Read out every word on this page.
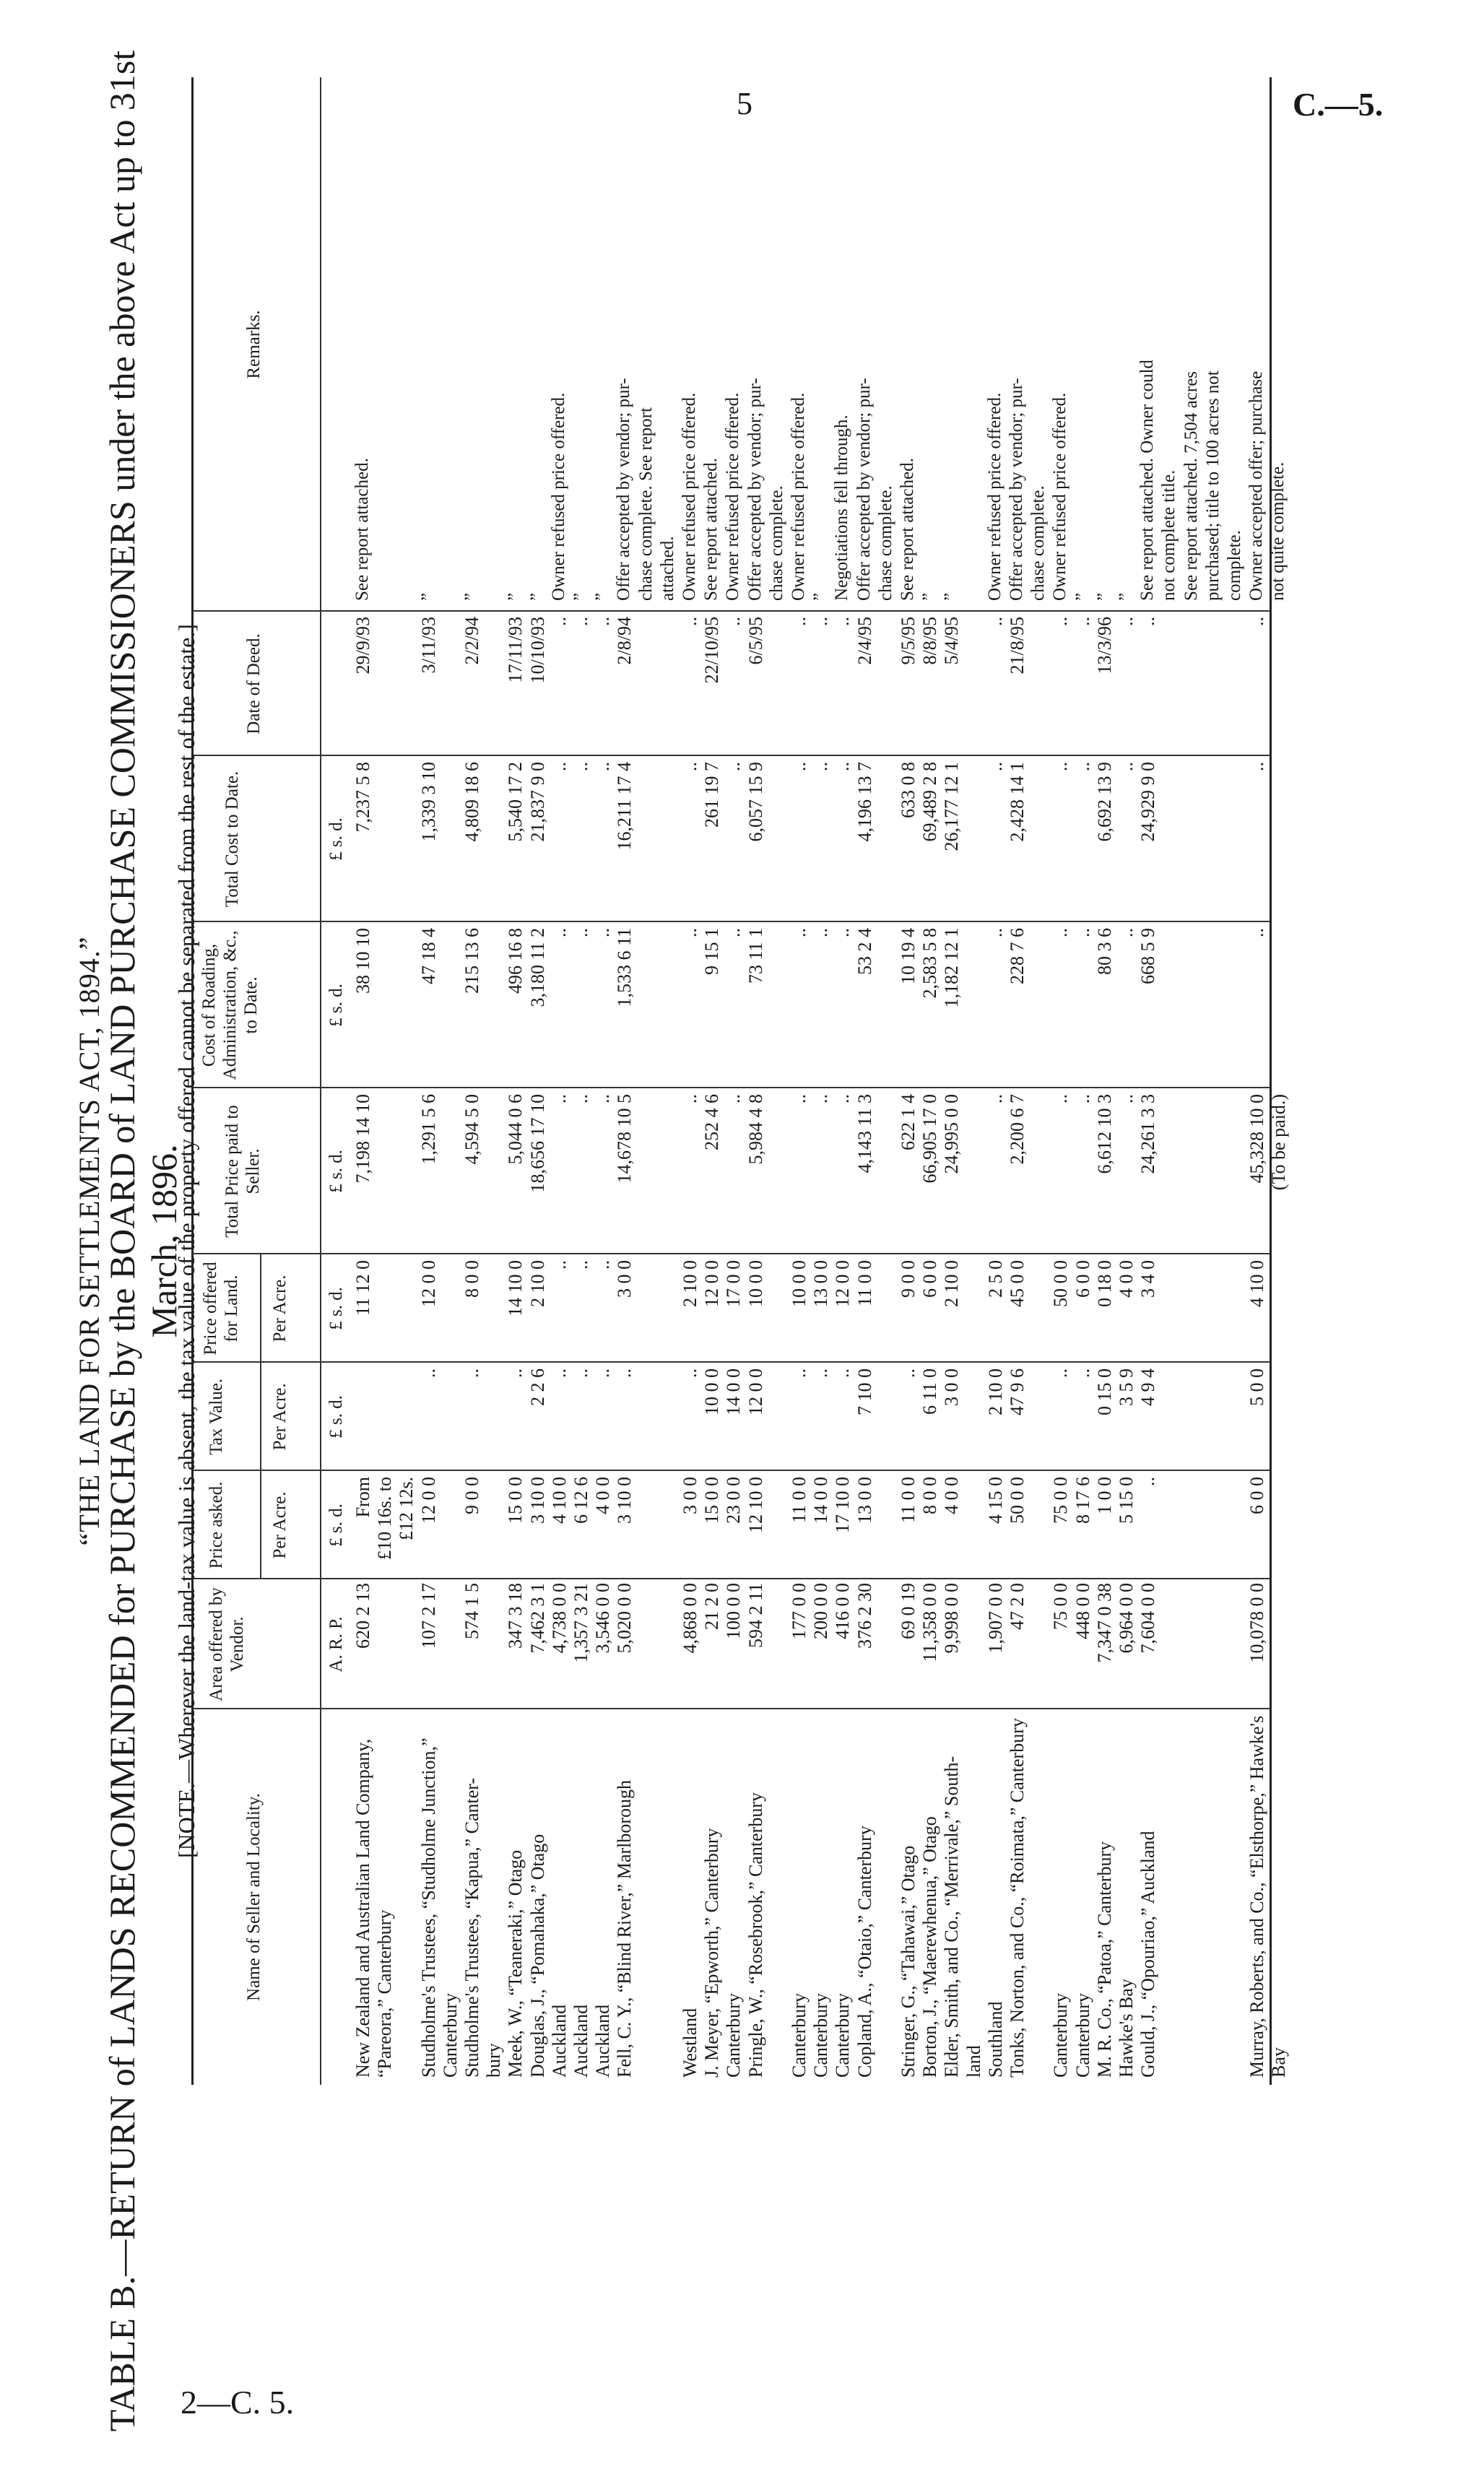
5	C.—5.
2—C. 5.
“THE LAND FOR SETTLEMENTS ACT, 1894.”
TABLE B.—RETURN of LANDS RECOMMENDED for PURCHASE by the BOARD of LAND PURCHASE COMMISSIONERS under the above Act up to 31st March, 1896.
[NOTE.—Wherever the land-tax value is absent, the tax value of the property offered cannot be separated from the rest of the estate.]
Name of Seller and Locality.
Area offered by Vendor.
Price asked.
Tax Value.
Price offered for Land.
Per Acre.
Per Acre.
Per Acre.
Total Price paid to Seller.
Cost of Roading, Administration, &c., to Date.
Total Cost to Date.
Date of Deed.
Remarks.
A. R. P.
£ s. d.
£ s. d.
£ s. d.
£ s. d.
£ s. d.
£ s. d.
New Zealand and Australian Land Company,
620 2 13
From
11 12 0
7,198 14 10
38 10 10
7,237 5 8
29/9/93
See report attached.
“Pareora,” Canterbury
£10 16s. to £12 12s.
Studholme's Trustees, “Studholme Junction,”
107 2 17
12 0 0
..
12 0 0
1,291 5 6
47 18 4
1,339 3 10
3/11/93
”
Canterbury Studholme's Trustees, “Kapua,” Canter-
574 1 5
9 0 0
..
8 0 0
4,594 5 0
215 13 6
4,809 18 6
2/2/94
”
bury Meek, W., “Teaneraki,” Otago
347 3 18
15 0 0
..
14 10 0
5,044 0 6
496 16 8
5,540 17 2
17/11/93
”
Douglas, J., “Pomahaka,” Otago
7,462 3 1
3 10 0
2 2 6
2 10 0
18,656 17 10
3,180 11 2
21,837 9 0
10/10/93
”
Auckland
4,738 0 0
4 10 0
..
..
..
..
..
..
Owner refused price offered.
Auckland
1,357 3 21
6 12 6
..
..
..
..
..
..
”
Auckland
3,546 0 0
4 0 0
..
..
..
..
..
..
”
Fell, C. Y., “Blind River,” Marlborough
5,020 0 0
3 10 0
..
3 0 0
14,678 10 5
1,533 6 11
16,211 17 4
2/8/94
Offer accepted by vendor; pur- chase complete. See report attached.
Westland
4,868 0 0
3 0 0
..
2 10 0
..
..
..
..
Owner refused price offered.
J. Meyer, “Epworth,” Canterbury
21 2 0
15 0 0
10 0 0
12 0 0
252 4 6
9 15 1
261 19 7
22/10/95
See report attached.
Canterbury
100 0 0
23 0 0
14 0 0
17 0 0
..
..
..
..
Owner refused price offered.
Pringle, W., “Rosebrook,” Canterbury
594 2 11
12 10 0
12 0 0
10 0 0
5,984 4 8
73 11 1
6,057 15 9
6/5/95
Offer accepted by vendor; pur- chase complete.
Canterbury
177 0 0
11 0 0
..
10 0 0
..
..
..
..
Owner refused price offered.
Canterbury
200 0 0
14 0 0
..
13 0 0
..
..
..
..
”
Canterbury
416 0 0
17 10 0
..
12 0 0
..
..
..
..
Negotiations fell through.
Copland, A., “Otaio,” Canterbury
376 2 30
13 0 0
7 10 0
11 0 0
4,143 11 3
53 2 4
4,196 13 7
2/4/95
Offer accepted by vendor; pur- chase complete.
Stringer, G., “Tahawai,” Otago
69 0 19
11 0 0
..
9 0 0
622 1 4
10 19 4
633 0 8
9/5/95
See report attached.
Borton, J., “Maerewhenua,” Otago
11,358 0 0
8 0 0
6 11 0
6 0 0
66,905 17 0
2,583 5 8
69,489 2 8
8/8/95
”
Elder, Smith, and Co., “Merrivale,” South-
9,998 0 0
4 0 0
3 0 0
2 10 0
24,995 0 0
1,182 12 1
26,177 12 1
5/4/95
”
land Southland
1,907 0 0
4 15 0
2 10 0
2 5 0
..
..
..
..
Owner refused price offered.
Tonks, Norton, and Co., “Roimata,” Canterbury
47 2 0
50 0 0
47 9 6
45 0 0
2,200 6 7
228 7 6
2,428 14 1
21/8/95
Offer accepted by vendor; pur- chase complete.
Canterbury
75 0 0
75 0 0
..
50 0 0
..
..
..
..
Owner refused price offered.
Canterbury
448 0 0
8 17 6
..
6 0 0
..
..
..
..
”
M. R. Co., “Patoa,” Canterbury
7,347 0 38
1 0 0
0 15 0
0 18 0
6,612 10 3
80 3 6
6,692 13 9
13/3/96
”
Hawke's Bay
6,964 0 0
5 15 0
3 5 9
4 0 0
..
..
..
..
”
Gould, J., “Opouriao,” Auckland
7,604 0 0
..
4 9 4
3 4 0
24,261 3 3
668 5 9
24,929 9 0
..
See report attached. Owner could not complete title. See report attached. 7,504 acres purchased; title to 100 acres not complete.
Murray, Roberts, and Co., “Elsthorpe,” Hawke's
10,078 0 0
6 0 0
5 0 0
4 10 0
45,328 10 0
..
..
..
Owner accepted offer; purchase
Bay
(To be paid.)
not quite complete.
